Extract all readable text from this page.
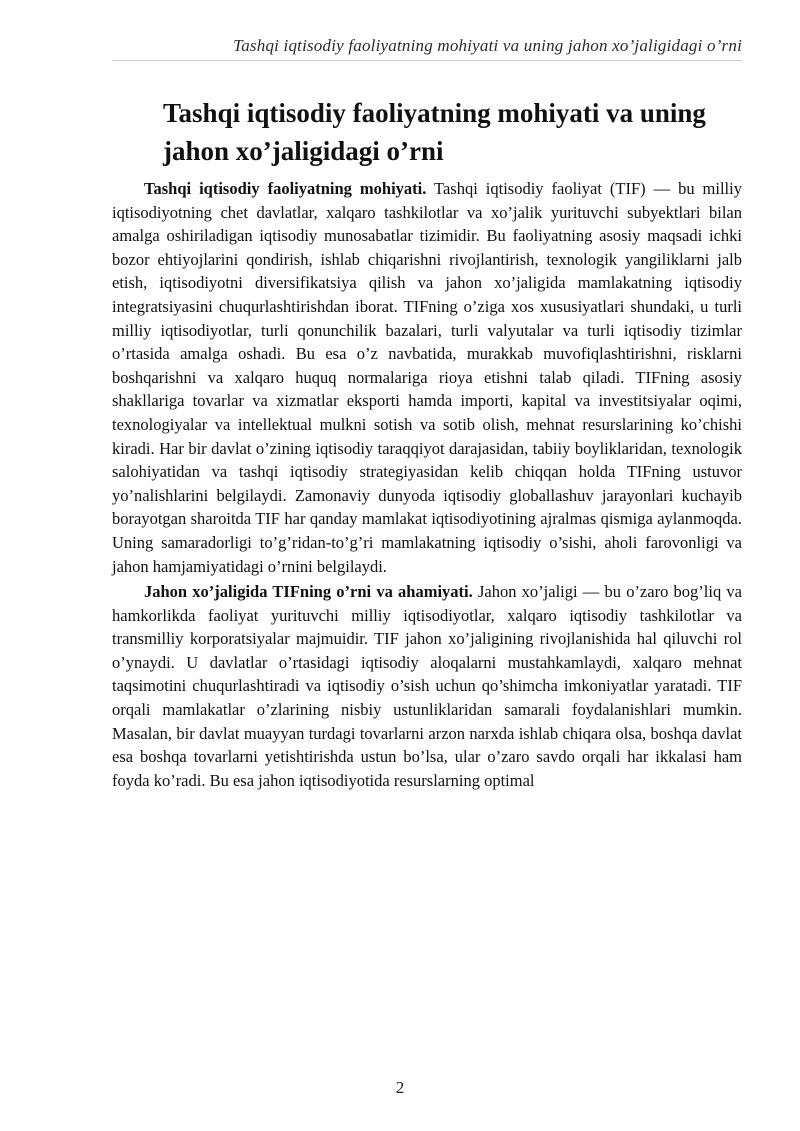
Tashqi iqtisodiy faoliyatning mohiyati va uning jahon xo’jaligidagi o’rni
Tashqi iqtisodiy faoliyatning mohiyati va uning jahon xo’jaligidagi o’rni

Tashqi iqtisodiy faoliyatning mohiyati. Tashqi iqtisodiy faoliyat (TIF) — bu milliy iqtisodiyotning chet davlatlar, xalqaro tashkilotlar va xo’jalik yurituvchi subyektlari bilan amalga oshiriladigan iqtisodiy munosabatlar tizimidir. Bu faoliyatning asosiy maqsadi ichki bozor ehtiyojlarini qondirish, ishlab chiqarishni rivojlantirish, texnologik yangiliklarni jalb etish, iqtisodiyotni diversifikatsiya qilish va jahon xo’jaligida mamlakatning iqtisodiy integratsiyasini chuqurlashtirishdan iborat. TIFning o’ziga xos xususiyatlari shundaki, u turli milliy iqtisodiyotlar, turli qonunchilik bazalari, turli valyutalar va turli iqtisodiy tizimlar o’rtasida amalga oshadi. Bu esa o’z navbatida, murakkab muvofiqlashtirishni, risklarni boshqarishni va xalqaro huquq normalariga rioya etishni talab qiladi. TIFning asosiy shakllariga tovarlar va xizmatlar eksporti hamda importi, kapital va investitsiyalar oqimi, texnologiyalar va intellektual mulkni sotish va sotib olish, mehnat resurslarining ko’chishi kiradi. Har bir davlat o’zining iqtisodiy taraqqiyot darajasidan, tabiiy boyliklaridan, texnologik salohiyatidan va tashqi iqtisodiy strategiyasidan kelib chiqqan holda TIFning ustuvor yo’nalishlarini belgilaydi. Zamonaviy dunyoda iqtisodiy globallashuv jarayonlari kuchayib borayotgan sharoitda TIF har qanday mamlakat iqtisodiyotining ajralmas qismiga aylanmoqda. Uning samaradorligi to’g’ridan-to’g’ri mamlakatning iqtisodiy o’sishi, aholi farovonligi va jahon hamjamiyatidagi o’rnini belgilaydi.

Jahon xo’jaligida TIFning o’rni va ahamiyati. Jahon xo’jaligi — bu o’zaro bog’liq va hamkorlikda faoliyat yurituvchi milliy iqtisodiyotlar, xalqaro iqtisodiy tashkilotlar va transmilliy korporatsiyalar majmuidir. TIF jahon xo’jaligining rivojlanishida hal qiluvchi rol o’ynaydi. U davlatlar o’rtasidagi iqtisodiy aloqalarni mustahkamlaydi, xalqaro mehnat taqsimotini chuqurlashtiradi va iqtisodiy o’sish uchun qo’shimcha imkoniyatlar yaratadi. TIF orqali mamlakatlar o’zlarining nisbiy ustunliklaridan samarali foydalanishlari mumkin. Masalan, bir davlat muayyan turdagi tovarlarni arzon narxda ishlab chiqara olsa, boshqa davlat esa boshqa tovarlarni yetishtirishda ustun bo’lsa, ular o’zaro savdo orqali har ikkalasi ham foyda ko’radi. Bu esa jahon iqtisodiyotida resurslarning optimal

2
